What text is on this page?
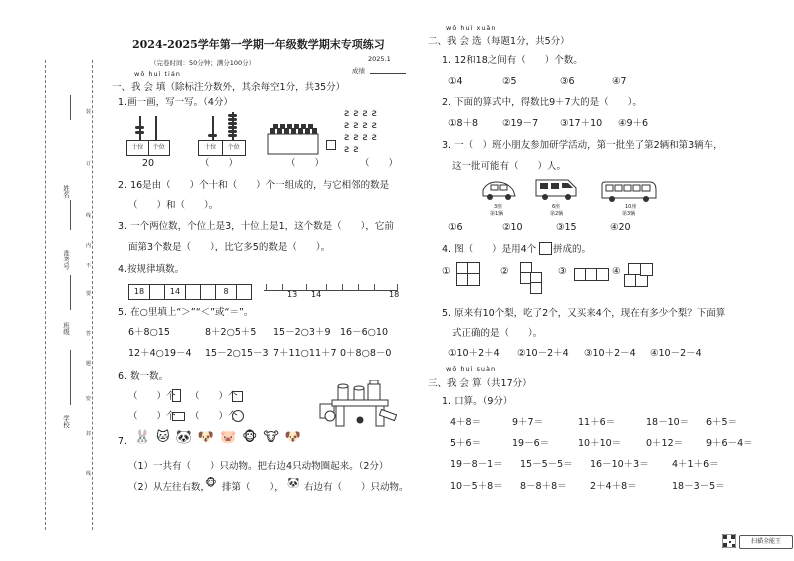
姓名
准考号
班级
学校
装
订
线
内
不
要
答
题
密
封
线
2024-2025学年第一学期一年级数学期末专项练习
（完卷时间：50分钟；满分100分）	2025.1
成绩
wǒ huì tián
一、我 会 填（除标注分数外，其余每空1分，共35分）
1.画一画，写一写。（4分）
十位	个位
20
十位	个位
（　　）	（　　）
ƨƨƨƨ
ƨƨƨƨ
ƨƨƨƨ
ƨƨ
（　　）
2. 16是由（　　）个十和（　　）个一组成的，与它相邻的数是
（　　）和（　　）。
3. 一个两位数，个位上是3，十位上是1，这个数是（　　），它前
面第3个数是（　　），比它多5的数是（　　）。
4.按规律填数。
18	14	8	13 14	18
5. 在○里填上“＞”“＜”或“＝”。
6＋8○15	8＋2○5＋5 15－2○3＋9 16－6○10
12＋4○19－4 15－2○15－3 7＋11○11＋7 0＋8○8－0
6. 数一数。
（　　）个 （　　）个
（　　）个 （　　）个
7. 🐰🐱🐼🐶🐷🐵🐮🐶
（1）一共有（　　）只动物。把右边4只动物圈起来。（2分）
（2）从左往右数，
🐵 排第（　　）， 🐼 右边有（　　）只动物。
wǒ huì xuǎn
二、我 会 选（每题1分，共5分）
1. 12和18之间有（　　）个数。
①4	②5	③6	④7
2. 下面的算式中，得数比9＋7大的是（　　）。
①8＋8	②19－7 ③17＋10 ④9＋6
3. 一（　）班小朋友参加研学活动，第一批坐了第2辆和第3辆车，
这一批可能有（　　）人。
3座
第1辆
6座
第2辆
10座
第3辆
①6	②10	③15	④20
4. 图（　　）是用4个 拼成的。
①	②	③	④
5. 原来有10个梨，吃了2个，又买来4个，现在有多少个梨？下面算
式正确的是（　　）。
①10＋2＋4 ②10－2＋4 ③10＋2－4 ④10－2－4
wǒ huì suàn
三、我 会 算（共17分）
1. 口算。（9分）
4＋8＝	9＋7＝	11＋6＝	18－10＝ 6＋5＝
5＋6＝	19－6＝	10＋10＝	0＋12＝ 9＋6－4＝
19－8－1＝ 15－5－5＝ 16－10＋3＝ 4＋1＋6＝
10－5＋8＝ 8－8＋8＝ 2＋4＋8＝	18－3－5＝
扫描全能王
